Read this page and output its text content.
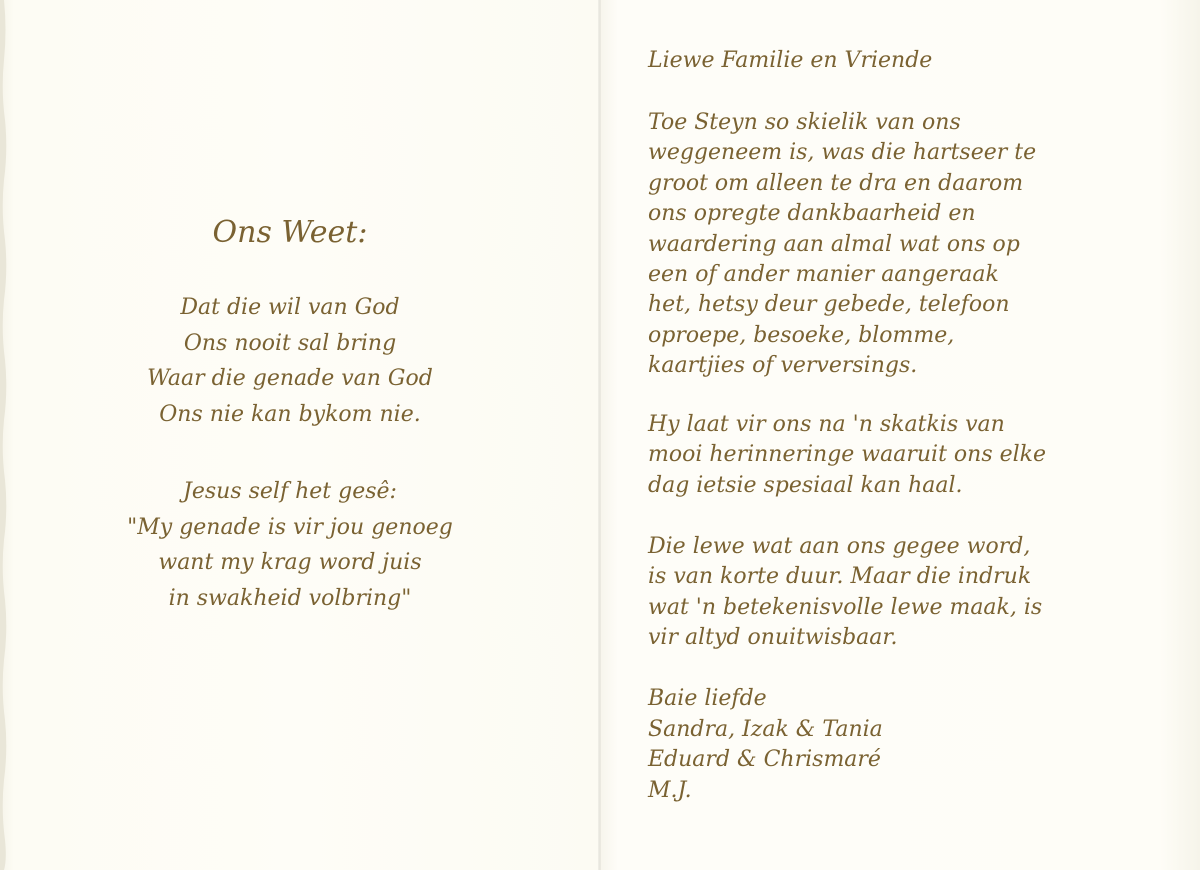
Ons Weet:
Dat die wil van God
Ons nooit sal bring
Waar die genade van God
Ons nie kan bykom nie.
Jesus self het gesê:
"My genade is vir jou genoeg
want my krag word juis
in swakheid volbring"
Liewe Familie en Vriende
Toe Steyn so skielik van ons
weggeneem is, was die hartseer te
groot om alleen te dra en daarom
ons opregte dankbaarheid en
waardering aan almal wat ons op
een of ander manier aangeraak
het, hetsy deur gebede, telefoon
oproepe, besoeke, blomme,
kaartjies of verversings.
Hy laat vir ons na 'n skatkis van
mooi herinneringe waaruit ons elke
dag ietsie spesiaal kan haal.
Die lewe wat aan ons gegee word,
is van korte duur. Maar die indruk
wat 'n betekenisvolle lewe maak, is
vir altyd onuitwisbaar.
Baie liefde
Sandra, Izak & Tania
Eduard & Chrismaré
M.J.
